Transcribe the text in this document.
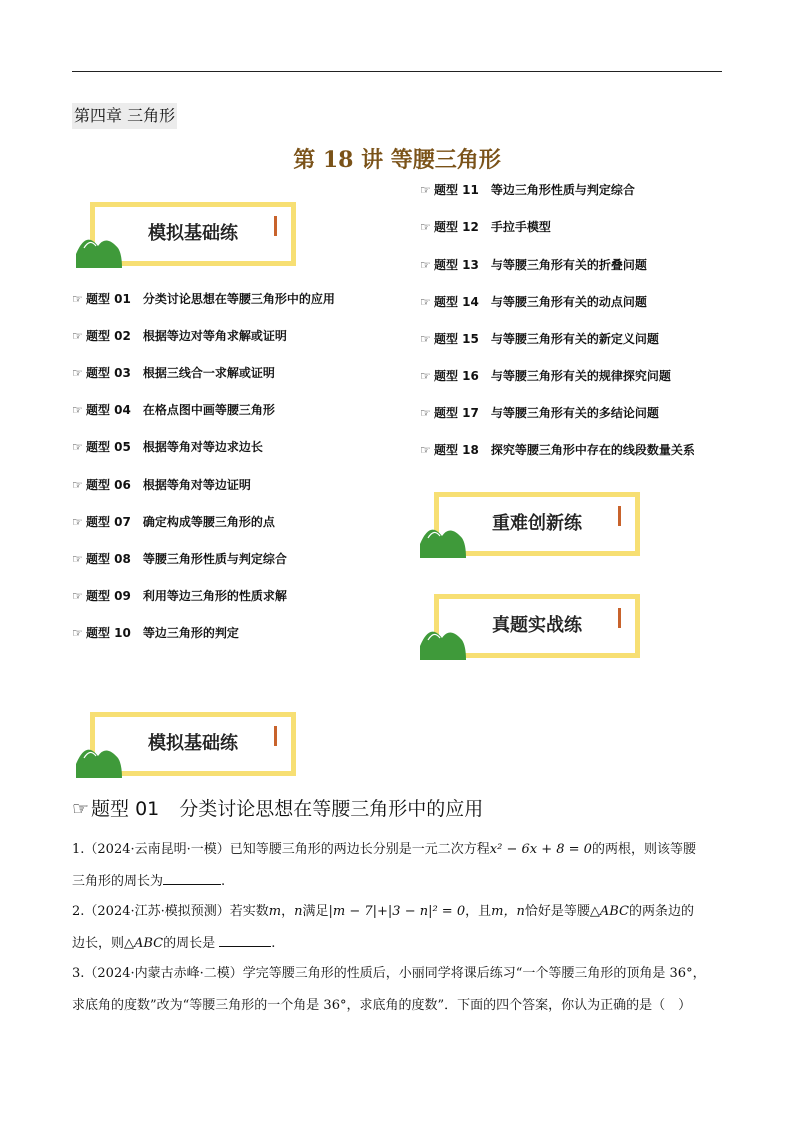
第四章 三角形
第 18 讲 等腰三角形
模拟基础练
重难创新练
真题实战练
模拟基础练
☞ 题型 01 分类讨论思想在等腰三角形中的应用
☞ 题型 02 根据等边对等角求解或证明
☞ 题型 03 根据三线合一求解或证明
☞ 题型 04 在格点图中画等腰三角形
☞ 题型 05 根据等角对等边求边长
☞ 题型 06 根据等角对等边证明
☞ 题型 07 确定构成等腰三角形的点
☞ 题型 08 等腰三角形性质与判定综合
☞ 题型 09 利用等边三角形的性质求解
☞ 题型 10 等边三角形的判定
☞ 题型 11 等边三角形性质与判定综合
☞ 题型 12 手拉手模型
☞ 题型 13 与等腰三角形有关的折叠问题
☞ 题型 14 与等腰三角形有关的动点问题
☞ 题型 15 与等腰三角形有关的新定义问题
☞ 题型 16 与等腰三角形有关的规律探究问题
☞ 题型 17 与等腰三角形有关的多结论问题
☞ 题型 18 探究等腰三角形中存在的线段数量关系
☞ 题型 01 分类讨论思想在等腰三角形中的应用
1.（2024·云南昆明·一模）已知等腰三角形的两边长分别是一元二次方程x² − 6x + 8 = 0的两根，则该等腰
三角形的周长为	.
2.（2024·江苏·模拟预测）若实数m，n满足|m − 7|+|3 − n|² = 0，且m，n恰好是等腰△ABC的两条边的
边长，则△ABC的周长是	.
3.（2024·内蒙古赤峰·二模）学完等腰三角形的性质后，小丽同学将课后练习“一个等腰三角形的顶角是 36°，
求底角的度数”改为“等腰三角形的一个角是 36°，求底角的度数”．下面的四个答案，你认为正确的是（　）
